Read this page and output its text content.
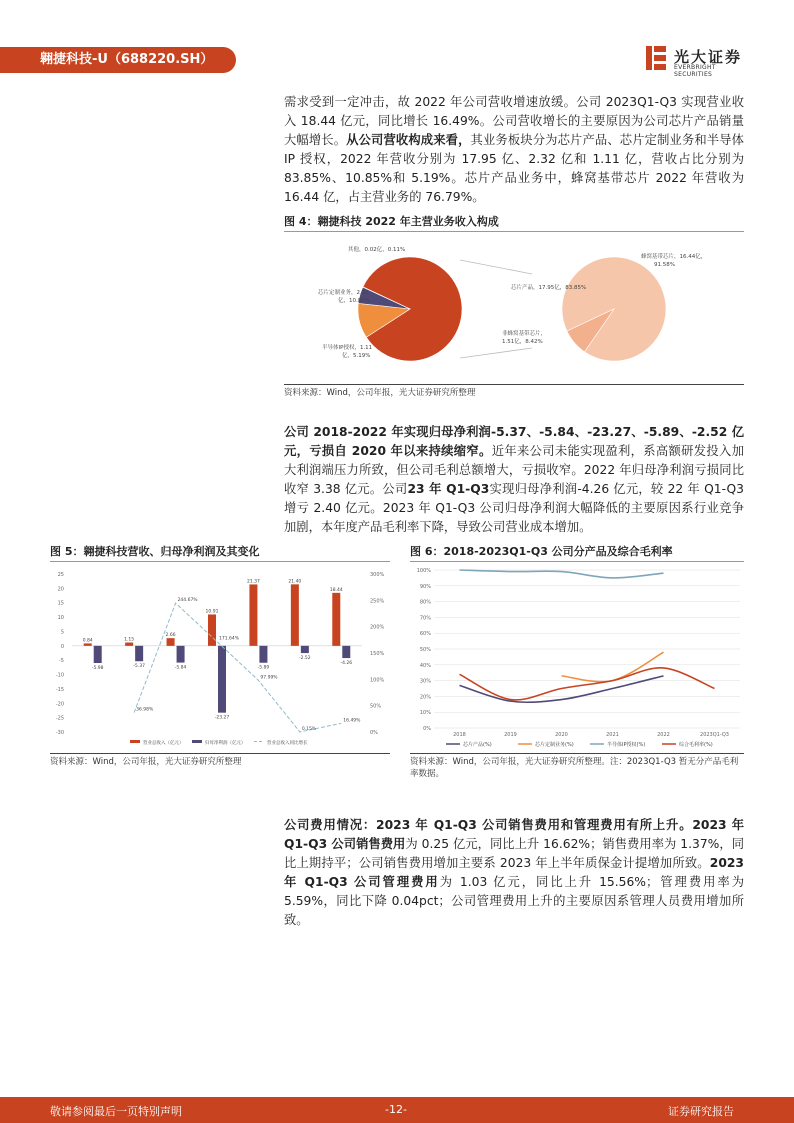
翱捷科技-U（688220.SH）	光大证券
EVERBRIGHT SECURITIES
需求受到一定冲击，故 2022 年公司营收增速放缓。公司 2023Q1-Q3 实现营业收入 18.44 亿元，同比增长 16.49%。公司营收增长的主要原因为公司芯片产品销量大幅增长。从公司营收构成来看，其业务板块分为芯片产品、芯片定制业务和半导体 IP 授权，2022 年营收分别为 17.95 亿、2.32 亿和 1.11 亿，营收占比分别为 83.85%、10.85%和 5.19%。芯片产品业务中，蜂窝基带芯片 2022 年营收为 16.44 亿，占主营业务的 76.79%。
图 4：翱捷科技 2022 年主营业务收入构成
其他，0.02亿，0.11%
芯片定制业务，2.32
亿，10.85%
半导体IP授权，1.11
亿，5.19%
芯片产品，17.95亿，83.85%
蜂窝基带芯片，16.44亿，
91.58%
非蜂窝基带芯片，
1.51亿，8.42%
资料来源：Wind，公司年报，光大证券研究所整理
公司 2018-2022 年实现归母净利润-5.37、-5.84、-23.27、-5.89、-2.52 亿元，亏损自 2020 年以来持续缩窄。近年来公司未能实现盈利，系高额研发投入加大利润端压力所致，但公司毛利总额增大，亏损收窄。2022 年归母净利润亏损同比收窄 3.38 亿元。公司23 年 Q1-Q3实现归母净利润-4.26 亿元，较 22 年 Q1-Q3 增亏 2.40 亿元。2023 年 Q1-Q3 公司归母净利润大幅降低的主要原因系行业竞争加剧，本年度产品毛利率下降，导致公司营业成本增加。
图 5：翱捷科技营收、归母净利润及其变化
25
20
15
10
5
0
-5
-10
-15
-20
-25
-30
300%
250%
200%
150%
100%
50%
0%
0.84	1.15
2.66
10.91
21.37	21.40
18.44
-5.98	-5.37	-5.84
-23.27
-5.89
-2.52
-4.26
36.98%
244.67%
171.64%
97.99%
0.15%
16.49%
营业总收入（亿元）	归母净利润（亿元）	营业总收入同比增长
资料来源：Wind，公司年报，光大证券研究所整理
图 6：2018-2023Q1-Q3 公司分产品及综合毛利率
100%
90%
80%
70%
60%
50%
40%
30%
20%
10%
0%
2018	2019	2020	2021	2022	2023Q1-Q3
芯片产品(%)	芯片定制业务(%)	半导体IP授权(%)	综合毛利率(%)
资料来源：Wind，公司年报，光大证券研究所整理。注：2023Q1-Q3 暂无分产品毛利率数据。
公司费用情况：2023 年 Q1-Q3 公司销售费用和管理费用有所上升。2023 年 Q1-Q3 公司销售费用为 0.25 亿元，同比上升 16.62%；销售费用率为 1.37%，同比上期持平；公司销售费用增加主要系 2023 年上半年质保金计提增加所致。2023 年 Q1-Q3 公司管理费用为 1.03 亿元，同比上升 15.56%；管理费用率为 5.59%，同比下降 0.04pct；公司管理费用上升的主要原因系管理人员费用增加所致。
敬请参阅最后一页特别声明	-12-	证券研究报告
